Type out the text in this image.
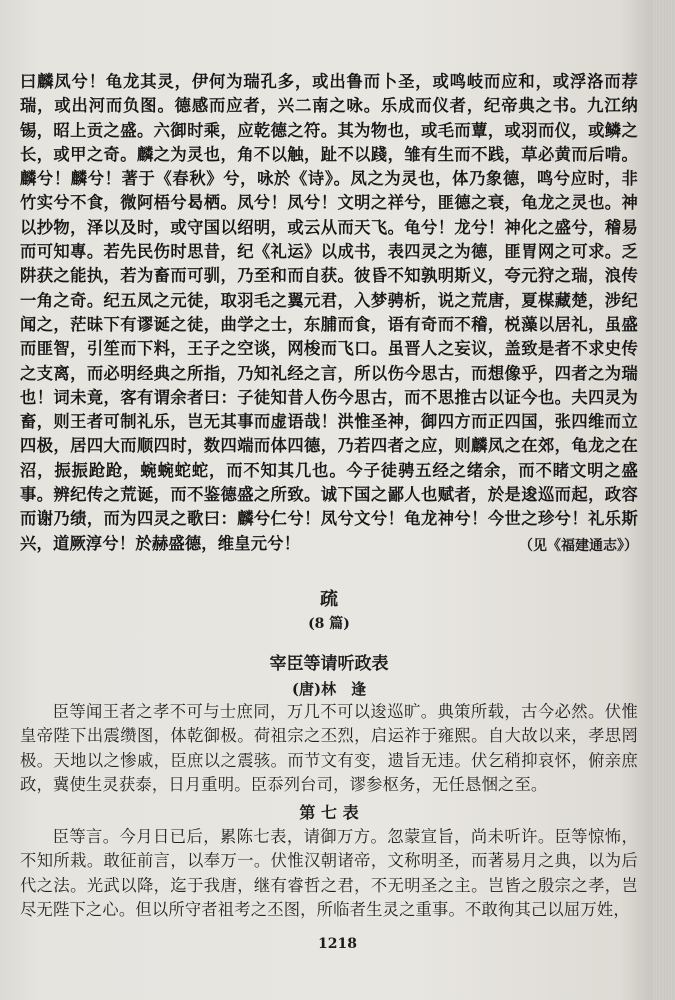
曰麟凤兮！龟龙其灵，伊何为瑞孔多，或出鲁而卜圣，或鸣岐而应和，或浮洛而荐瑞，或出河而负图。德感而应者，兴二南之咏。乐成而仪者，纪帝典之书。九江纳锡，昭上贡之盛。六御时乘，应乾德之符。其为物也，或毛而蕈，或羽而仪，或鳞之长，或甲之奇。麟之为灵也，角不以触，趾不以踐，雏有生而不践，草必黄而后啃。麟兮！麟兮！著于《春秋》兮，咏於《诗》。凤之为灵也，体乃象德，鸣兮应时，非竹实兮不食，微阿梧兮曷栖。凤兮！凤兮！文明之祥兮，匪德之衰，龟龙之灵也。神以抄物，泽以及时，或守国以绍明，或云从而天飞。龟兮！龙兮！神化之盛兮，稽易而可知專。若先民伤时思昔，纪《礼运》以成书，表四灵之为德，匪胃网之可求。乏阱获之能执，若为畜而可驯，乃至和而自获。彼昏不知孰明斯义，夸元狩之瑞，浪传一角之奇。纪五凤之元徒，取羽毛之翼元君，入梦骋析，说之荒唐，夏楳藏楚，涉纪闻之，茫昧下有谬诞之徒，曲学之士，东脯而食，语有奇而不稽，棁藻以居礼，虽盛而匪智，引笙而下料，王子之空谈，网梭而飞口。虽晋人之妄议，盖致是者不求史传之支离，而必明经典之所指，乃知礼经之言，所以伤今思古，而想像乎，四者之为瑞也！词未竟，客有谓余者曰：子徒知昔人伤今思古，而不思推古以证今也。夫四灵为畜，则王者可制礼乐，岂无其事而虚语哉！洪惟圣神，御四方而正四国，张四维而立四极，居四大而顺四时，数四端而体四德，乃若四者之应，则麟凤之在郊，龟龙之在沼，振振跄跄，蜿蜿蛇蛇，而不知其几也。今子徒骋五经之绪余，而不睹文明之盛事。辨纪传之荒诞，而不鉴德盛之所致。诚下国之鄙人也赋者，於是逡巡而起，政容而谢乃绩，而为四灵之歌曰：麟兮仁兮！凤兮文兮！龟龙神兮！今世之珍兮！礼乐斯兴，道厥淳兮！於赫盛德，维皇元兮！	（见《福建通志》）
疏
(8 篇)
宰臣等请听政表
(唐)林　逢

臣等闻王者之孝不可与士庶同，万几不可以逡巡旷。典策所载，古今必然。伏惟皇帝陛下出震缵图，体乾御极。荷祖宗之丕烈，启运祚于雍熙。自大故以来，孝思罔极。天地以之惨戚，臣庶以之震骇。而节文有变，遗旨无违。伏乞稍抑哀怀，俯亲庶政，冀使生灵获泰，日月重明。臣忝列台司，谬参枢务，无任恳悃之至。

第 七 表

臣等言。今月日已后，累陈七表，请御万方。忽蒙宣旨，尚未听许。臣等惊怖，不知所栽。敢征前言，以奉万一。伏惟汉朝诸帝，文称明圣，而著易月之典，以为后代之法。光武以降，迄于我唐，继有睿哲之君，不无明圣之主。岂皆之殷宗之孝，岂尽无陛下之心。但以所守者祖考之丕图，所临者生灵之重事。不敢徇其己以屈万姓，

1218
